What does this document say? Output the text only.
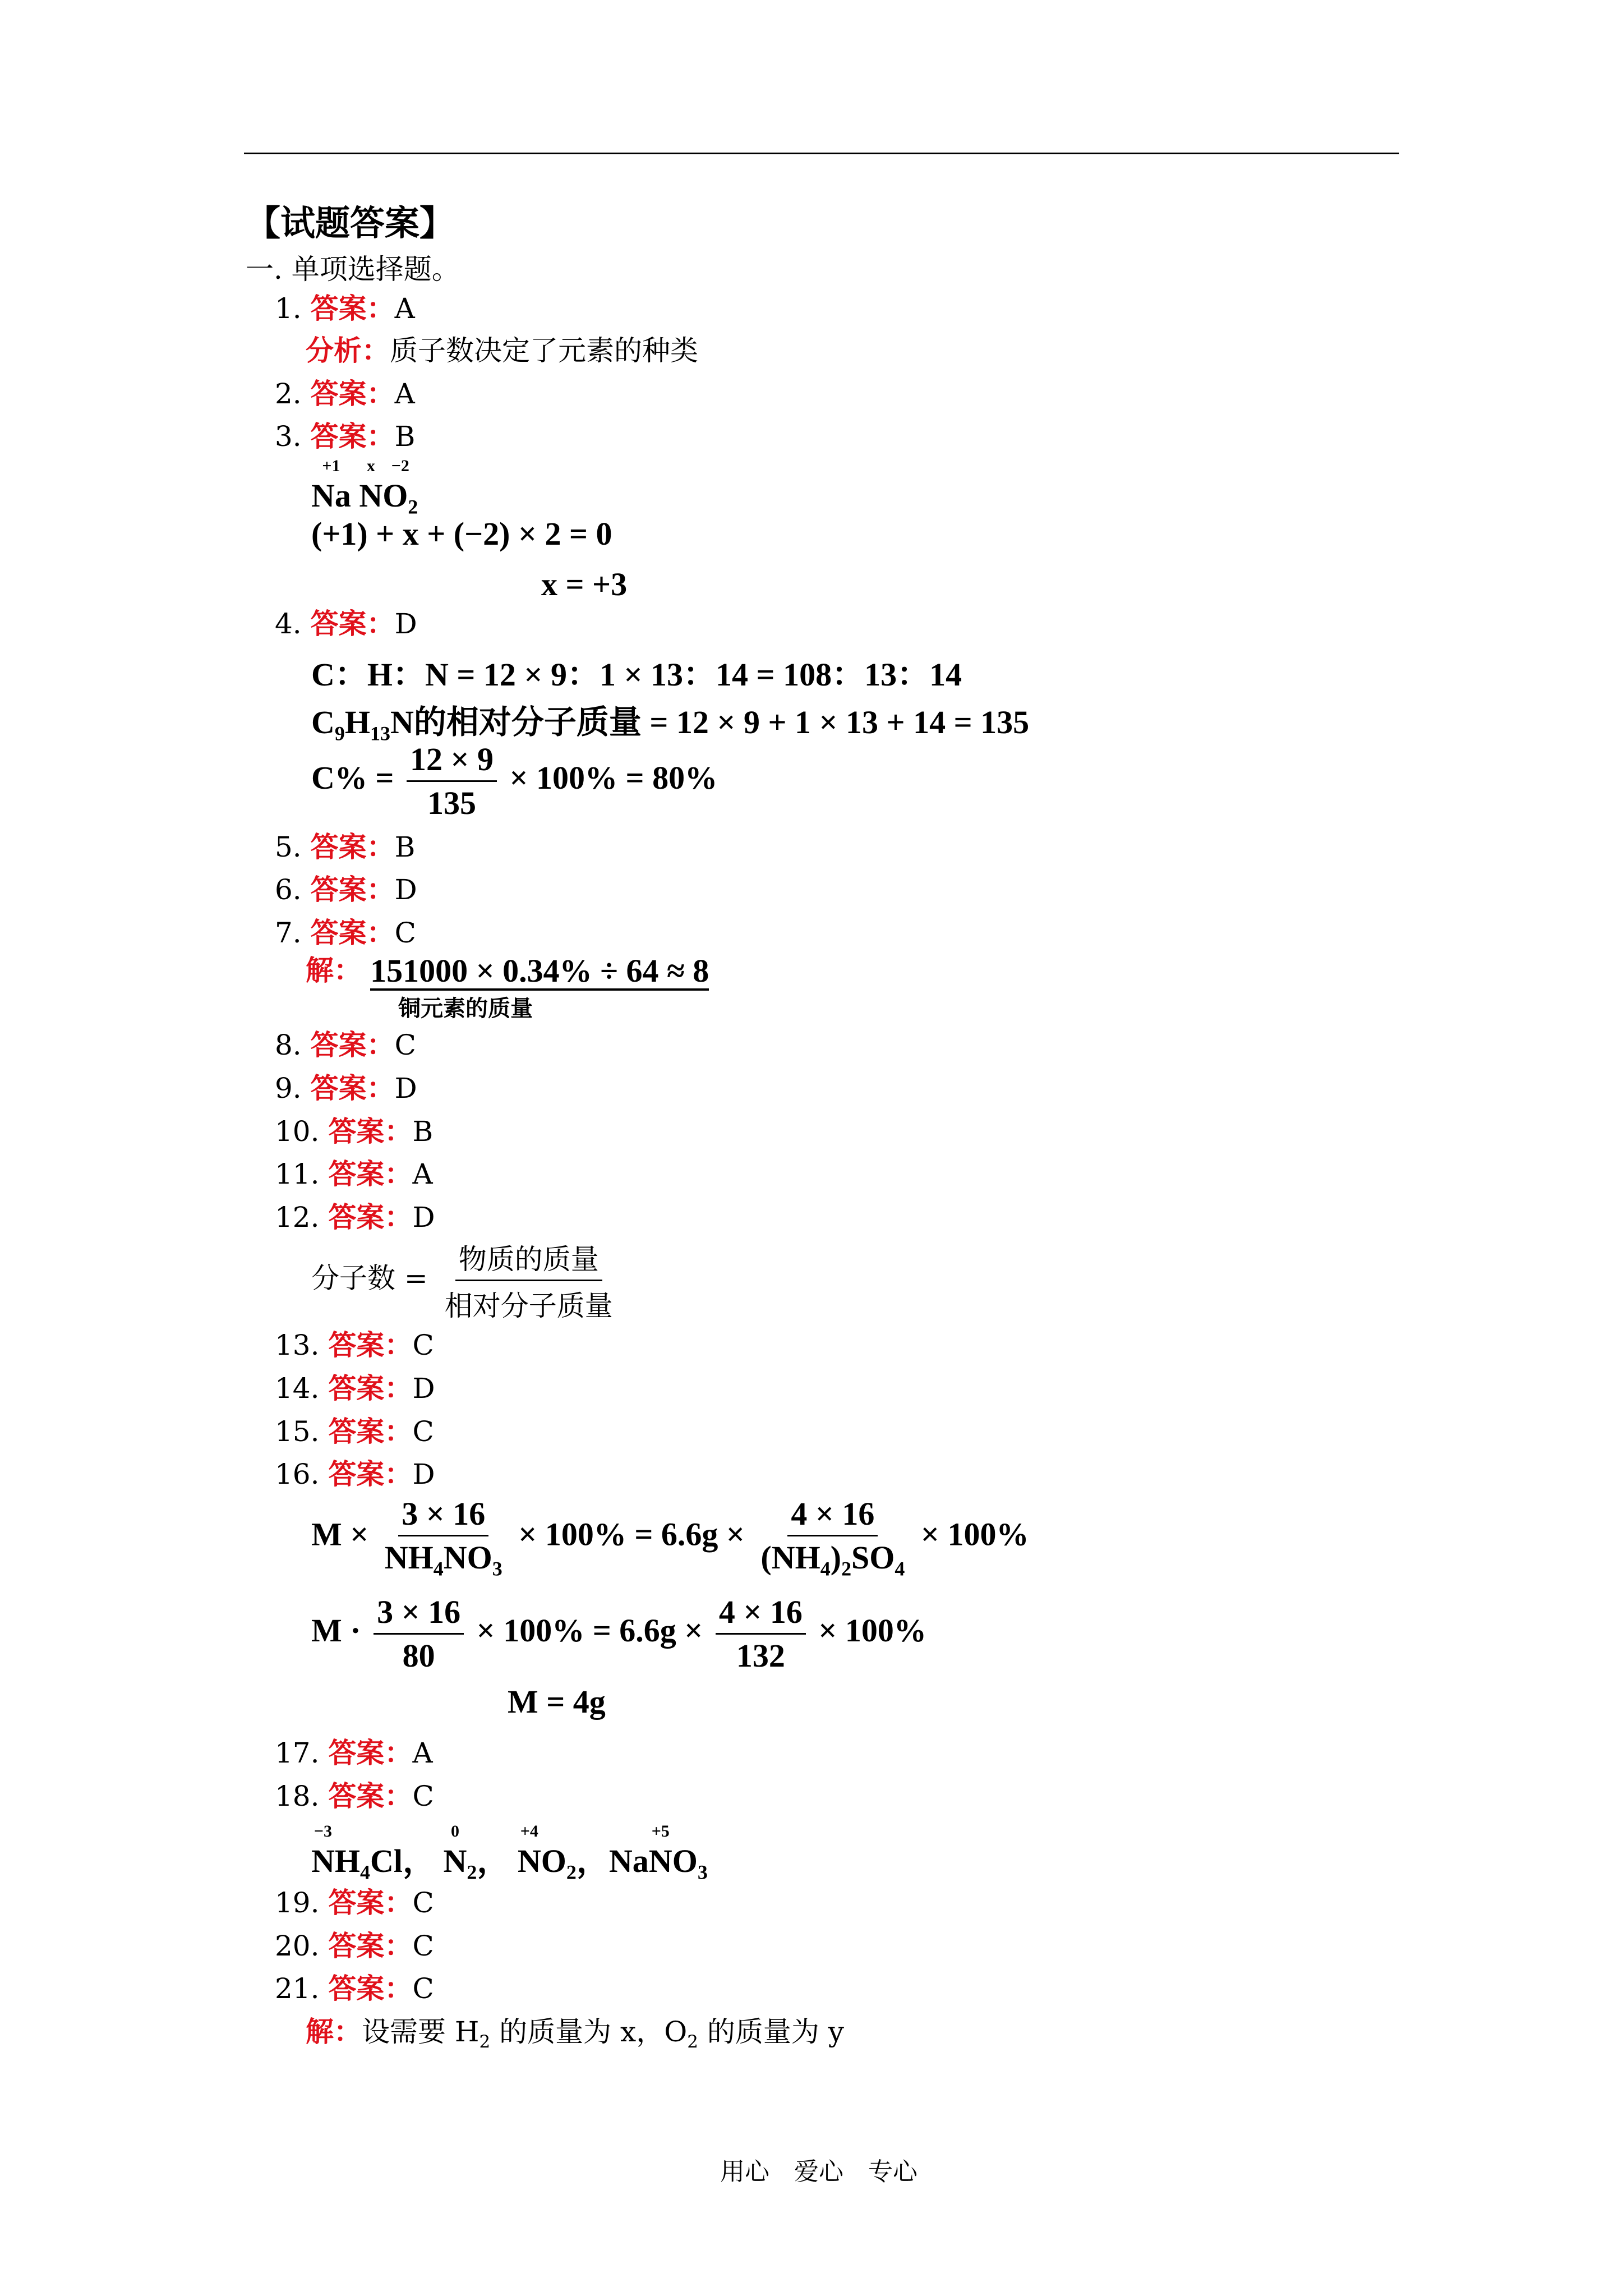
【试题答案】
一. 单项选择题。
1. 答案：A
分析：质子数决定了元素的种类
2. 答案：A
3. 答案：B
+1
Na
x
N
−2
$O_2$
(+1) + x + (−2) × 2 = 0
x = +3
4. 答案：D
C：H：N = 12 × 9：1 × 13：14 = 108：13：14
$C_9H_{13}N$的相对分子质量 = 12 × 9 + 1 × 13 + 14 = 135
$C\% = \frac{12 \times 9}{135} \times 100\% = 80\%$
5. 答案：B
6. 答案：D
7. 答案：C
解： 151000 × 0.34% ÷ 64 ≈ 8
铜元素的质量
8. 答案：C
9. 答案：D
10. 答案：B
11. 答案：A
12. 答案：D
分子数 = $\frac{\text{物质的质量}}{\text{相对分子质量}}$
13. 答案：C
14. 答案：D
15. 答案：C
16. 答案：D
$M \times \frac{3 \times 16}{NH_4NO_3} \times 100\% = 6.6g \times \frac{4 \times 16}{(NH_4)_2SO_4} \times 100\%$
$M \cdot \frac{3 \times 16}{80} \times 100\% = 6.6g \times \frac{4 \times 16}{132} \times 100\%$
M = 4g
17. 答案：A
18. 答案：C
−3
$NH_4Cl$，
0
$N_2$，
+4
$NO_2$，Na
+5
$NO_3$
19. 答案：C
20. 答案：C
21. 答案：C
解：设需要 $H_2$ 的质量为 x，$O_2$ 的质量为 y
用心　爱心　专心
